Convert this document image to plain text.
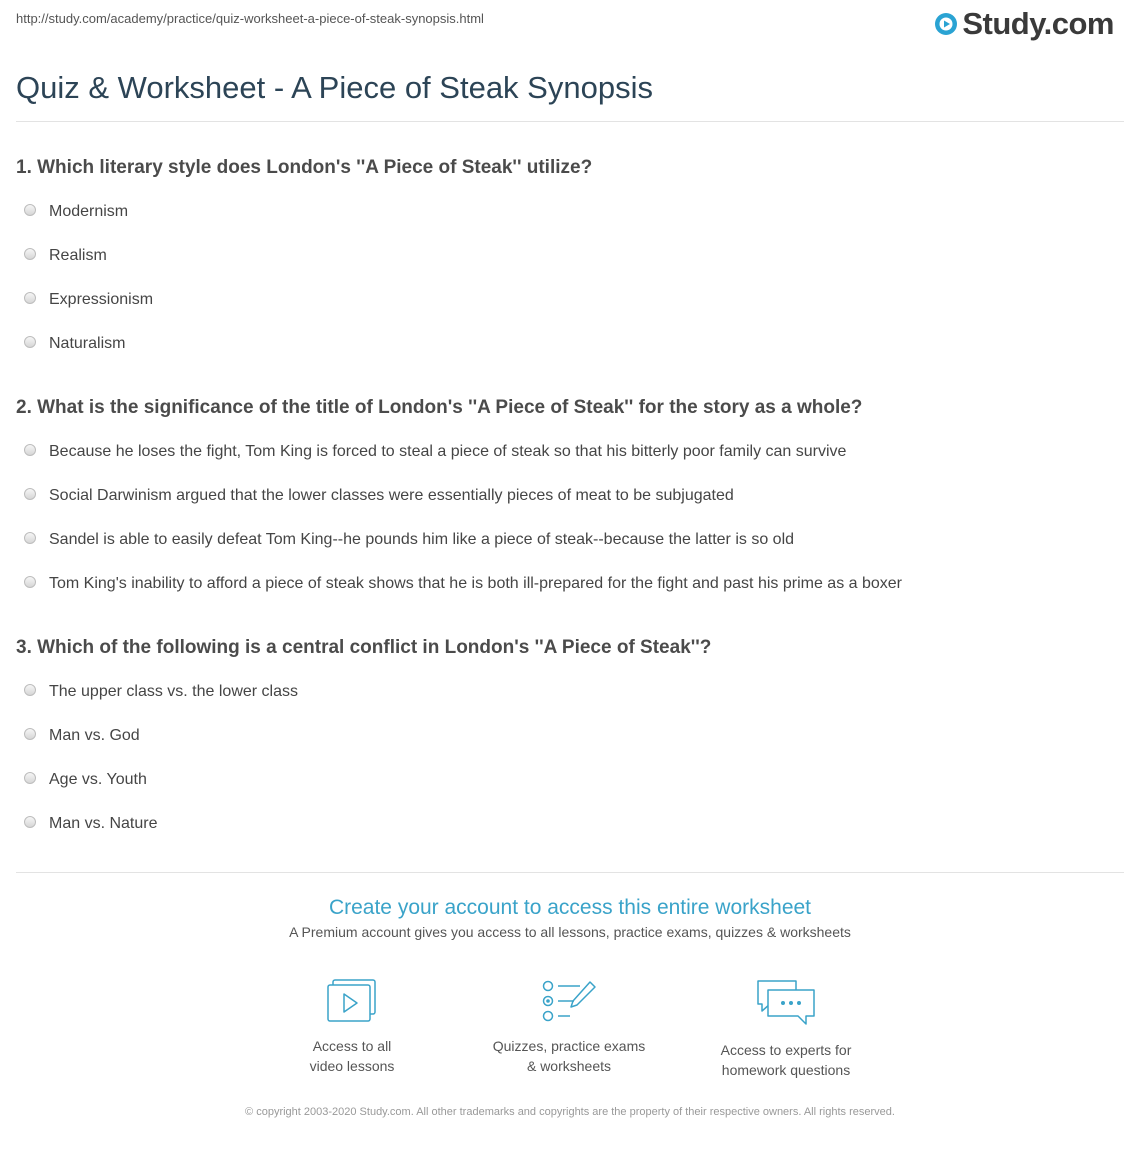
http://study.com/academy/practice/quiz-worksheet-a-piece-of-steak-synopsis.html	Study.com
Quiz & Worksheet - A Piece of Steak Synopsis

1. Which literary style does London's ''A Piece of Steak'' utilize?

Modernism
Realism
Expressionism
Naturalism

2. What is the significance of the title of London's ''A Piece of Steak'' for the story as a whole?

Because he loses the fight, Tom King is forced to steal a piece of steak so that his bitterly poor family can survive
Social Darwinism argued that the lower classes were essentially pieces of meat to be subjugated
Sandel is able to easily defeat Tom King--he pounds him like a piece of steak--because the latter is so old
Tom King's inability to afford a piece of steak shows that he is both ill-prepared for the fight and past his prime as a boxer

3. Which of the following is a central conflict in London's ''A Piece of Steak''?

The upper class vs. the lower class
Man vs. God
Age vs. Youth
Man vs. Nature

Create your account to access this entire worksheet

A Premium account gives you access to all lessons, practice exams, quizzes & worksheets

Access to all
video lessons
Quizzes, practice exams
& worksheets
Access to experts for
homework questions
© copyright 2003-2020 Study.com. All other trademarks and copyrights are the property of their respective owners. All rights reserved.
